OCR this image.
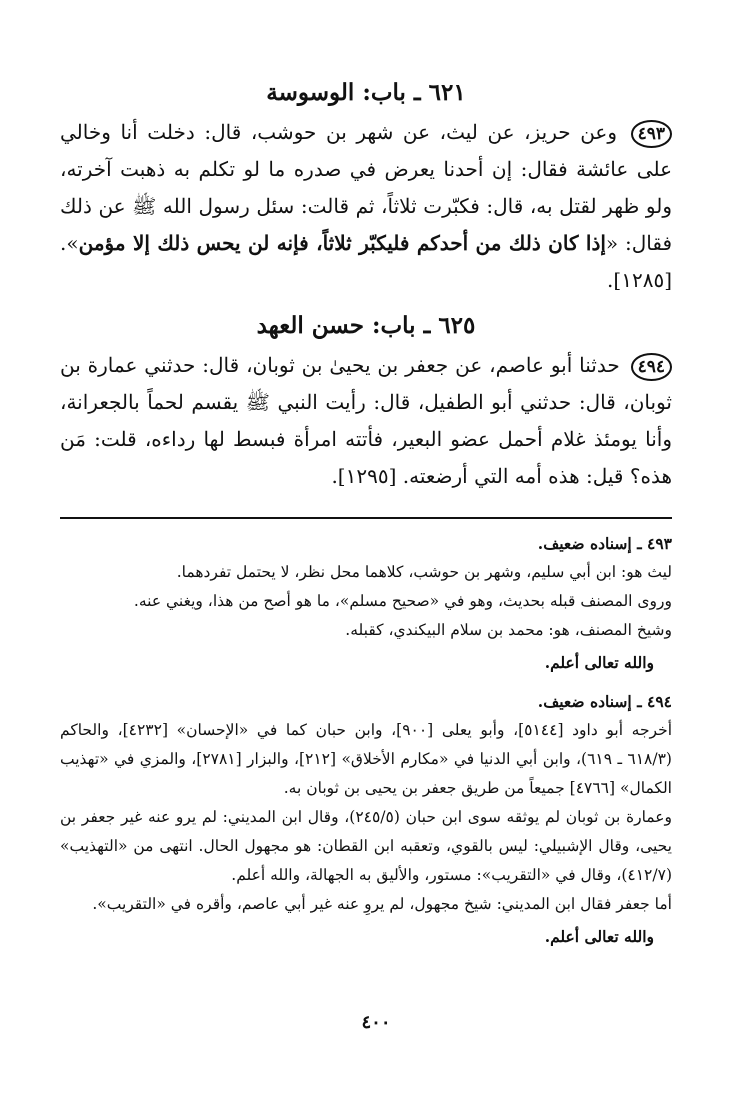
٦٢١ ـ باب: الوسوسة

٤٩٣ وعن حريز، عن ليث، عن شهر بن حوشب، قال: دخلت أنا وخالي على عائشة فقال: إن أحدنا يعرض في صدره ما لو تكلم به ذهبت آخرته، ولو ظهر لقتل به، قال: فكبّرت ثلاثاً، ثم قالت: سئل رسول الله ﷺ عن ذلك فقال: «إذا كان ذلك من أحدكم فليكبّر ثلاثاً، فإنه لن يحس ذلك إلا مؤمن». [١٢٨٥].

٦٢٥ ـ باب: حسن العهد

٤٩٤ حدثنا أبو عاصم، عن جعفر بن يحيىٰ بن ثوبان، قال: حدثني عمارة بن ثوبان، قال: حدثني أبو الطفيل، قال: رأيت النبي ﷺ يقسم لحماً بالجعرانة، وأنا يومئذ غلام أحمل عضو البعير، فأتته امرأة فبسط لها رداءه، قلت: مَن هذه؟ قيل: هذه أمه التي أرضعته. [١٢٩٥].

٤٩٣ ـ إسناده ضعيف.

ليث هو: ابن أبي سليم، وشهر بن حوشب، كلاهما محل نظر، لا يحتمل تفردهما.

وروى المصنف قبله بحديث، وهو في «صحيح مسلم»، ما هو أصح من هذا، ويغني عنه.

وشيخ المصنف، هو: محمد بن سلام البيكندي، كقبله.

والله تعالى أعلم.

٤٩٤ ـ إسناده ضعيف.

أخرجه أبو داود [٥١٤٤]، وأبو يعلى [٩٠٠]، وابن حبان كما في «الإحسان» [٤٢٣٢]، والحاكم (٦١٨/٣ ـ ٦١٩)، وابن أبي الدنيا في «مكارم الأخلاق» [٢١٢]، والبزار [٢٧٨١]، والمزي في «تهذيب الكمال» [٤٧٦٦] جميعاً من طريق جعفر بن يحيى بن ثوبان به.

وعمارة بن ثوبان لم يوثقه سوى ابن حبان (٢٤٥/٥)، وقال ابن المديني: لم يرو عنه غير جعفر بن يحيى، وقال الإشبيلي: ليس بالقوي، وتعقبه ابن القطان: هو مجهول الحال. انتهى من «التهذيب» (٤١٢/٧)، وقال في «التقريب»: مستور، والأليق به الجهالة، والله أعلم.

أما جعفر فقال ابن المديني: شيخ مجهول، لم يروِ عنه غير أبي عاصم، وأقره في «التقريب».

والله تعالى أعلم.
٤٠٠
